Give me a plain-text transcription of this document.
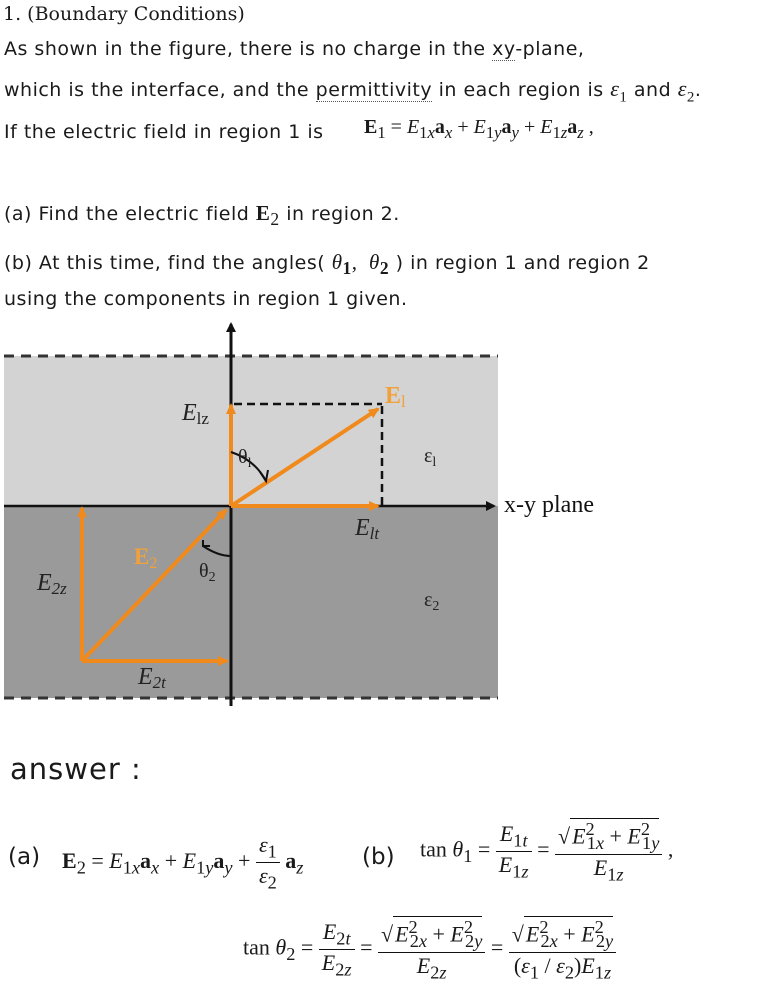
1. (Boundary Conditions)
As shown in the figure, there is no charge in the xy-plane,
which is the interface, and the permittivity in each region is $\varepsilon_1$ and $\varepsilon_2$.
If the electric field in region 1 is $E_1 = E_{1x}a_x + E_{1y}a_y + E_{1z}a_z$ ,
(a) Find the electric field $E_2$ in region 2.
(b) At this time, find the angles( $\theta_1$,  $\theta_2$ ) in region 1 and region 2
using the components in region 1 given.
Elz
El
$\theta_l$	$\varepsilon_l$
x-y plane
Elt
E2 $\theta_2$
E2z
$\varepsilon_2$
E2t
answer :
(a) $E_2 = E_{1x}a_x + E_{1y}a_y + \frac{\varepsilon_1}{\varepsilon_2} a_z$	(b) $\tan \theta_1 = \frac{E_{1t}}{E_{1z}} = \frac{√E^2_{1x} + E^2_{1y}}{E_{1z}}$ ,
$\tan \theta_2 = \frac{E_{2t}}{E_{2z}} = \frac{√E^2_{2x} + E^2_{2y}}{E_{2z}} = \frac{√E^2_{2x} + E^2_{2y}}{(\varepsilon_1 / \varepsilon_2)E_{1z}}$
